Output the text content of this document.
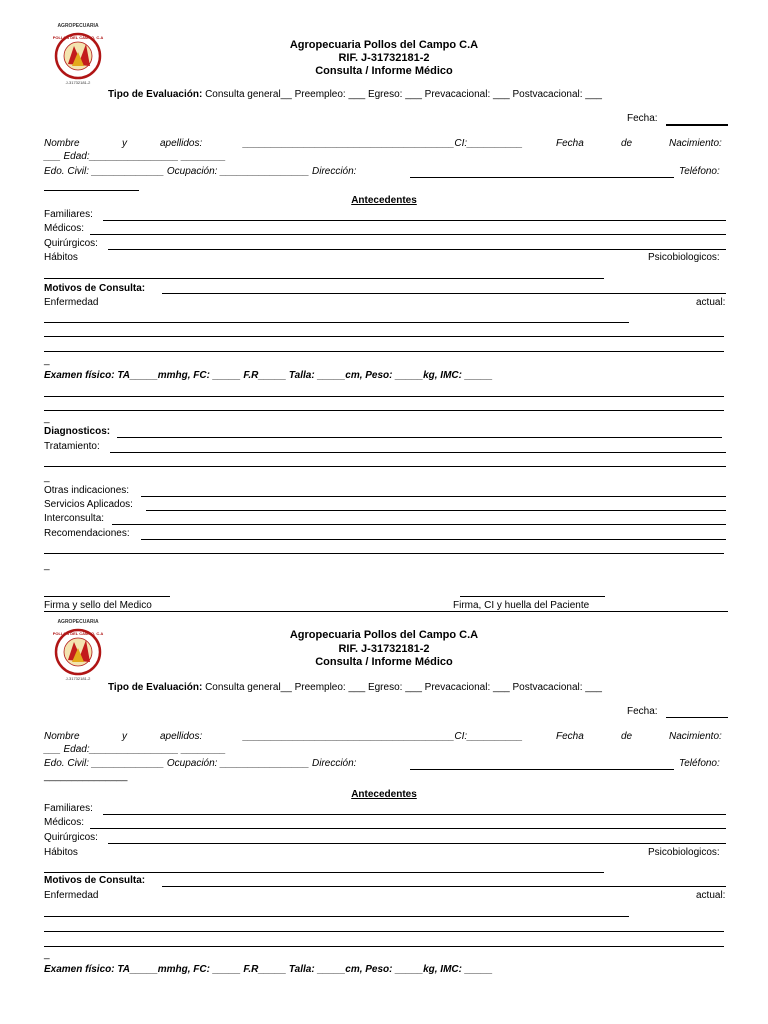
AGROPECUARIA
POLLOS DEL CAMPO, C.A
J-31732181-2
Agropecuaria Pollos del Campo C.A
RIF. J-31732181-2
Consulta / Informe Médico
Tipo de Evaluación: Consulta general__ Preempleo: ___ Egreso: ___ Prevacacional: ___ Postvacacional: ___
Fecha:
Nombre	y	apellidos:	______________________________________CI:__________	Fecha	de	Nacimiento:
___ Edad:________________ ________
Edo. Civil: _____________ Ocupación: ________________ Dirección:	Teléfono:
Antecedentes
Familiares:
Médicos:
Quirúrgicos:
Hábitos	Psicobiologicos:
Motivos de Consulta:
Enfermedad	actual:
_
Examen físico: TA_____mmhg, FC: _____ F.R_____ Talla: _____cm, Peso: _____kg, IMC: _____
_
Diagnosticos:
Tratamiento:
_
Otras indicaciones:
Servicios Aplicados:
Interconsulta:
Recomendaciones:
_
Firma y sello del Medico	Firma, CI y huella del Paciente
AGROPECUARIA
POLLOS DEL CAMPO, C.A
J-31732181-2
Agropecuaria Pollos del Campo C.A
RIF. J-31732181-2
Consulta / Informe Médico
Tipo de Evaluación: Consulta general__ Preempleo: ___ Egreso: ___ Prevacacional: ___ Postvacacional: ___
Fecha:
Nombre	y	apellidos:	______________________________________CI:__________	Fecha	de	Nacimiento:
___ Edad:________________ ________
Edo. Civil: _____________ Ocupación: ________________ Dirección:	Teléfono:
_______________
Antecedentes
Familiares:
Médicos:
Quirúrgicos:
Hábitos	Psicobiologicos:
Motivos de Consulta:
Enfermedad	actual:
_
Examen físico: TA_____mmhg, FC: _____ F.R_____ Talla: _____cm, Peso: _____kg, IMC: _____
